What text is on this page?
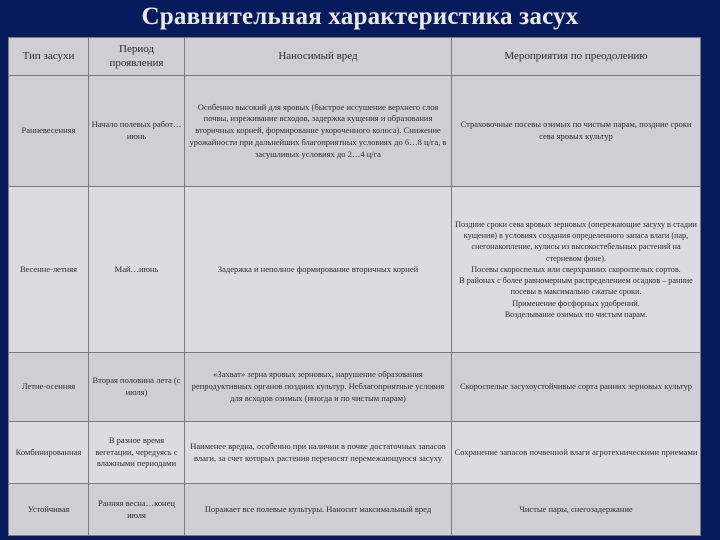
Сравнительная характеристика засух
Тип засухи	Период проявления	Наносимый вред	Мероприятия по преодолению
Ранневесенняя	Начало полевых работ… июнь	Особенно высокий для яровых (быстрое иссушение верхнего слоя почвы, изреживание всходов, задержка кущения и образования вторичных корней, формирование укороченного колоса). Снижение урожайности при дальнейших благоприятных условиях до 6…8 ц/га, в засушливых условиях до 2…4 ц/га	Страховочные посевы озимых по чистым парам, поздние сроки сева яровых культур
Весенне-летняя	Май…июнь	Задержка и неполное формирование вторичных корней	Поздние сроки сева яровых зерновых (опережающие засуху в стадии кущения) в условиях создания определенного запаса влаги (пар, снегонакопление, кулисы из высокостебельных растений на стерневом фоне).
Посевы скороспелых или сверхранних скороспелых сортов.
В районах с более равномерным распределением осадков – ранние посевы в максимально сжатые сроки.
Применение фосфорных удобрений.
Возделывание озимых по чистым парам.

Летне-осенняя	Вторая половина лета (с июля)	«Захват» зерна яровых зерновых, нарушение образования репродуктивных органов поздних культур. Неблагоприятные условия для всходов озимых (иногда и по чистым парам)	Скороспелые засухоустойчивые сорта ранних зерновых культур
Комбинированная	В разное время вегетации, чередуясь с влажными периодами	Наименее вредна, особенно при наличии в почве достаточных запасов влаги, за счет которых растения переносят перемежающуюся засуху	Сохранение запасов почвенной влаги агротехническими приемами
Устойчивая	Ранняя весна…конец июля	Поражает все полевые культуры. Наносит максимальный вред	Чистые пары, снегозадержание
